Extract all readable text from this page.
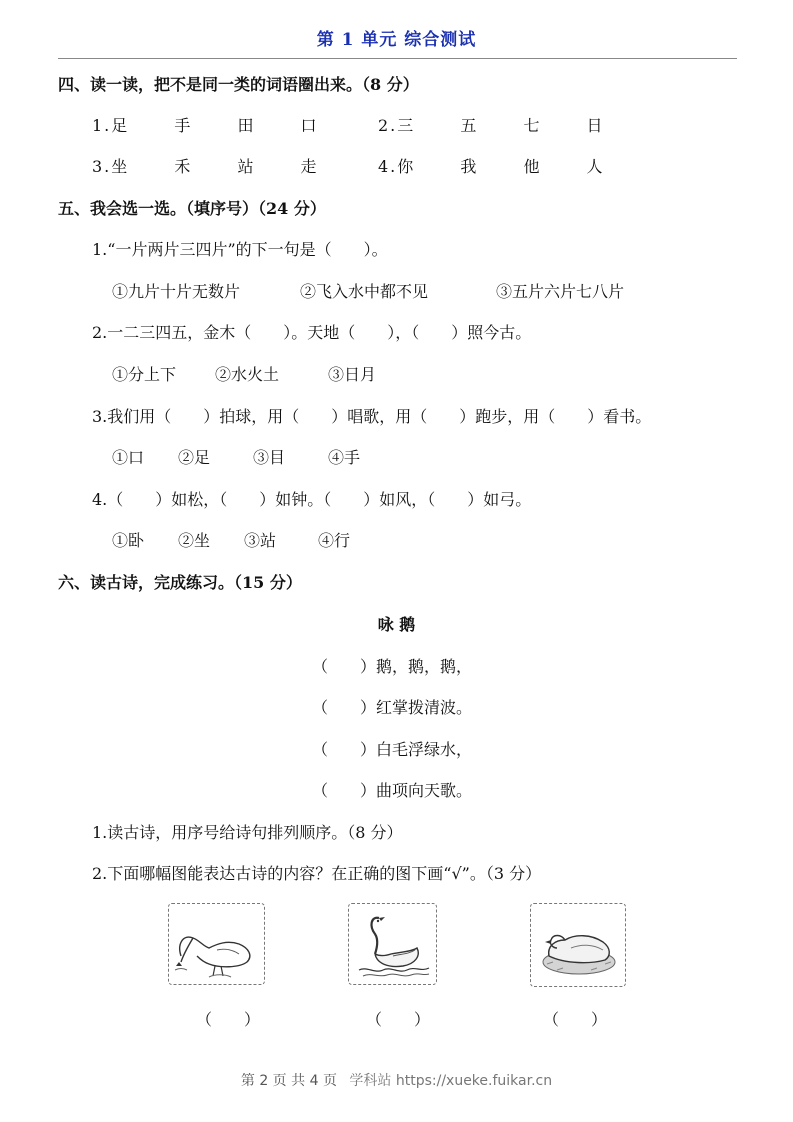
第 1 单元 综合测试
四、读一读，把不是同一类的词语圈出来。（8 分）
1.足　 手　 田　 口	2.三　 五　 七　 日
3.坐　 禾　 站　 走	4.你　 我　 他　 人
五、我会选一选。（填序号）（24 分）
1.“一片两片三四片”的下一句是（　　）。
①九片十片无数片	②飞入水中都不见	③五片六片七八片
2.一二三四五，金木（　　）。天地（　　），（　　）照今古。
①分上下 ②水火土	③日月
3.我们用（　　）拍球，用（　　）唱歌，用（　　）跑步，用（　　）看书。
①口 ②足	③目	④手
4.（　　）如松，（　　）如钟。（　　）如风，（　　）如弓。
①卧 ②坐 ③站	④行
六、读古诗，完成练习。（15 分）
咏 鹅
（　　）鹅，鹅，鹅，
（　　）红掌拨清波。
（　　）白毛浮绿水，
（　　）曲项向天歌。
1.读古诗，用序号给诗句排列顺序。（8 分）
2.下面哪幅图能表达古诗的内容？在正确的图下画“√”。（3 分）
（　　）	（　　）	（　　）
第 2 页 共 4 页 学科站 https://xueke.fuikar.cn
